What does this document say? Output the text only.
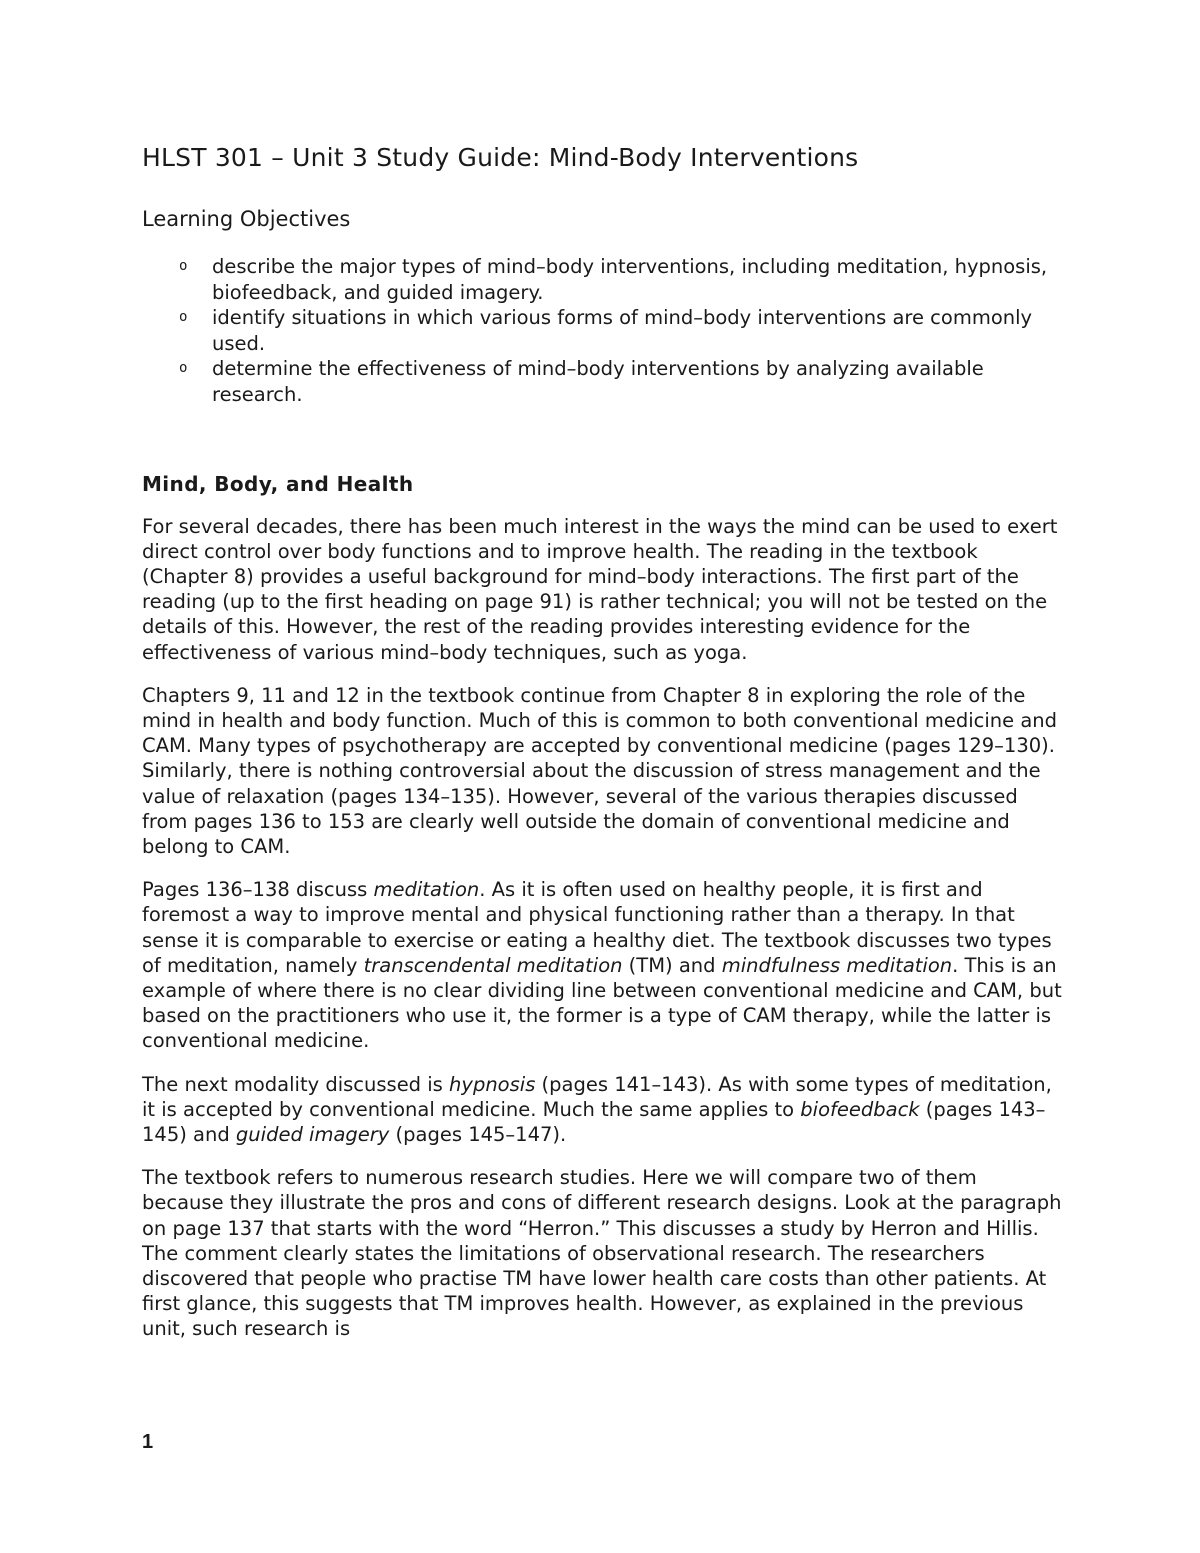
HLST 301 – Unit 3 Study Guide: Mind-Body Interventions
Learning Objectives
o describe the major types of mind–body interventions, including meditation, hypnosis, biofeedback, and guided imagery.
o identify situations in which various forms of mind–body interventions are commonly used.
o determine the effectiveness of mind–body interventions by analyzing available research.
Mind, Body, and Health

For several decades, there has been much interest in the ways the mind can be used to exert direct control over body functions and to improve health. The reading in the textbook (Chapter 8) provides a useful background for mind–body interactions. The first part of the reading (up to the first heading on page 91) is rather technical; you will not be tested on the details of this. However, the rest of the reading provides interesting evidence for the effectiveness of various mind–body techniques, such as yoga.

Chapters 9, 11 and 12 in the textbook continue from Chapter 8 in exploring the role of the mind in health and body function. Much of this is common to both conventional medicine and CAM. Many types of psychotherapy are accepted by conventional medicine (pages 129–130). Similarly, there is nothing controversial about the discussion of stress management and the value of relaxation (pages 134–135). However, several of the various therapies discussed from pages 136 to 153 are clearly well outside the domain of conventional medicine and belong to CAM.

Pages 136–138 discuss meditation. As it is often used on healthy people, it is first and foremost a way to improve mental and physical functioning rather than a therapy. In that sense it is comparable to exercise or eating a healthy diet. The textbook discusses two types of meditation, namely transcendental meditation (TM) and mindfulness meditation. This is an example of where there is no clear dividing line between conventional medicine and CAM, but based on the practitioners who use it, the former is a type of CAM therapy, while the latter is conventional medicine.

The next modality discussed is hypnosis (pages 141–143). As with some types of meditation, it is accepted by conventional medicine. Much the same applies to biofeedback (pages 143–145) and guided imagery (pages 145–147).

The textbook refers to numerous research studies. Here we will compare two of them because they illustrate the pros and cons of different research designs. Look at the paragraph on page 137 that starts with the word “Herron.” This discusses a study by Herron and Hillis. The comment clearly states the limitations of observational research. The researchers discovered that people who practise TM have lower health care costs than other patients. At first glance, this suggests that TM improves health. However, as explained in the previous unit, such research is

1
